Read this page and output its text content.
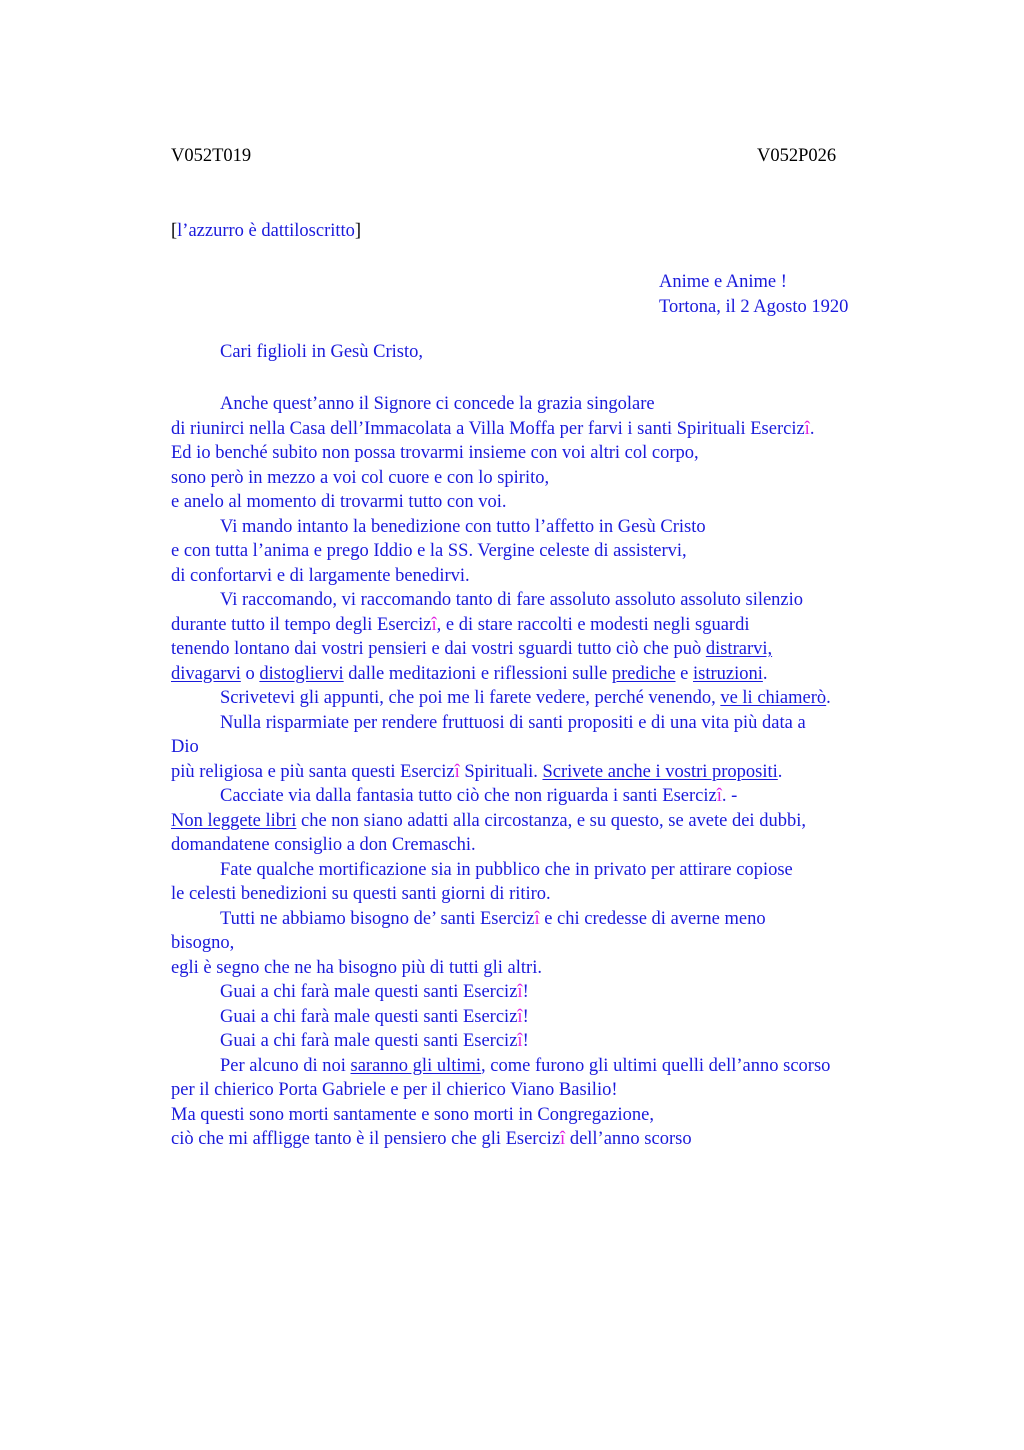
V052T019	V052P026
[l’azzurro è dattiloscritto]
Anime e Anime !
Tortona, il 2 Agosto 1920
Cari figlioli in Gesù Cristo,
Anche quest’anno il Signore ci concede la grazia singolare
di riunirci nella Casa dell’Immacolata a Villa Moffa per farvi i santi Spirituali Esercizî.
Ed io benché subito non possa trovarmi insieme con voi altri col corpo,
sono però in mezzo a voi col cuore e con lo spirito,
e anelo al momento di trovarmi tutto con voi.
Vi mando intanto la benedizione con tutto l’affetto in Gesù Cristo
e con tutta l’anima e prego Iddio e la SS. Vergine celeste di assistervi,
di confortarvi e di largamente benedirvi.
Vi raccomando, vi raccomando tanto di fare assoluto assoluto assoluto silenzio
durante tutto il tempo degli Esercizî, e di stare raccolti e modesti negli sguardi
tenendo lontano dai vostri pensieri e dai vostri sguardi tutto ciò che può distrarvi,
divagarvi o distogliervi dalle meditazioni e riflessioni sulle prediche e istruzioni.
Scrivetevi gli appunti, che poi me li farete vedere, perché venendo, ve li chiamerò.
Nulla risparmiate per rendere fruttuosi di santi propositi e di una vita più data a
Dio
più religiosa e più santa questi Esercizî Spirituali. Scrivete anche i vostri propositi.
Cacciate via dalla fantasia tutto ciò che non riguarda i santi Esercizî. -
Non leggete libri che non siano adatti alla circostanza, e su questo, se avete dei dubbi,
domandatene consiglio a don Cremaschi.
Fate qualche mortificazione sia in pubblico che in privato per attirare copiose
le celesti benedizioni su questi santi giorni di ritiro.
Tutti ne abbiamo bisogno de’ santi Esercizî e chi credesse di averne meno
bisogno,
egli è segno che ne ha bisogno più di tutti gli altri.
Guai a chi farà male questi santi Esercizî!
Guai a chi farà male questi santi Esercizî!
Guai a chi farà male questi santi Esercizî!
Per alcuno di noi saranno gli ultimi, come furono gli ultimi quelli dell’anno scorso
per il chierico Porta Gabriele e per il chierico Viano Basilio!
Ma questi sono morti santamente e sono morti in Congregazione,
ciò che mi affligge tanto è il pensiero che gli Esercizî dell’anno scorso
